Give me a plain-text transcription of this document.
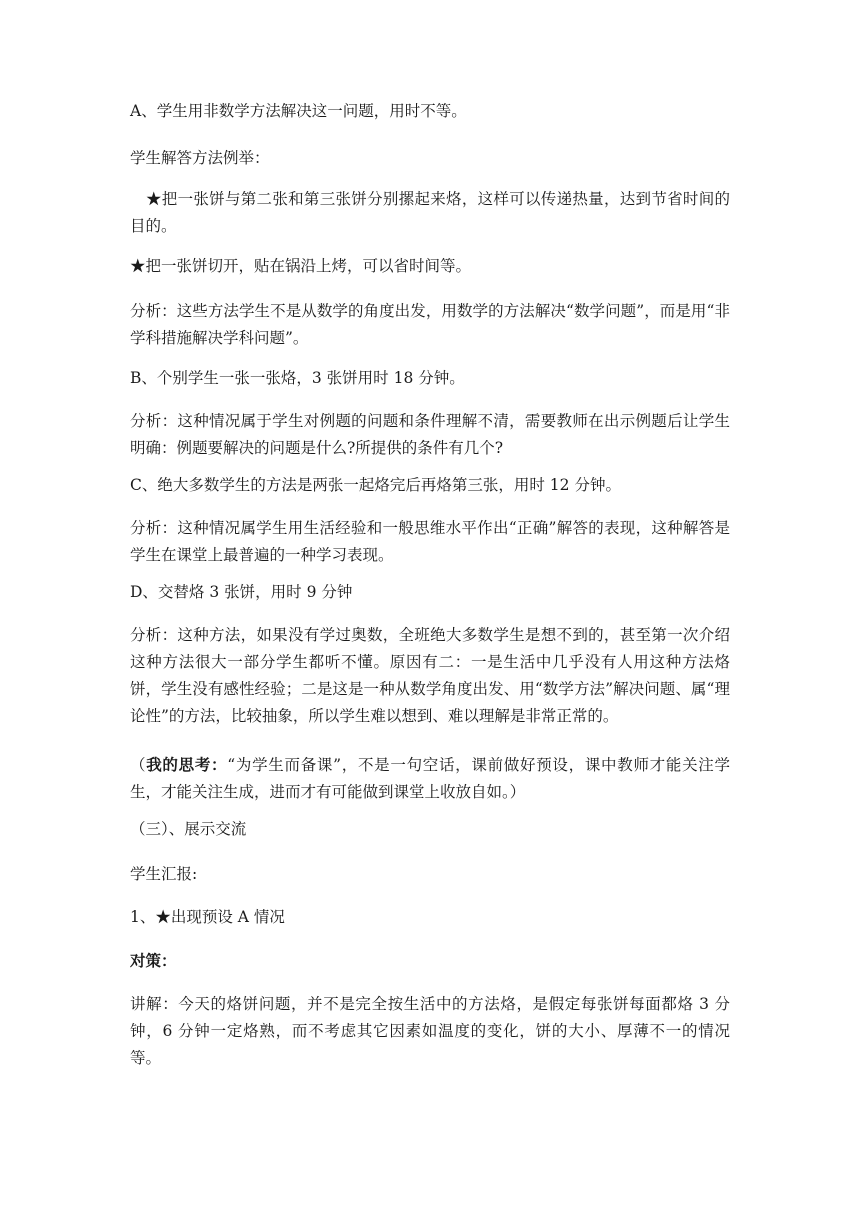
A、学生用非数学方法解决这一问题，用时不等。

学生解答方法例举：

★把一张饼与第二张和第三张饼分别摞起来烙，这样可以传递热量，达到节省时间的目的。

★把一张饼切开，贴在锅沿上烤，可以省时间等。

分析：这些方法学生不是从数学的角度出发，用数学的方法解决“数学问题”，而是用“非学科措施解决学科问题”。

B、个别学生一张一张烙，3 张饼用时 18 分钟。

分析：这种情况属于学生对例题的问题和条件理解不清，需要教师在出示例题后让学生明确：例题要解决的问题是什么?所提供的条件有几个?

C、绝大多数学生的方法是两张一起烙完后再烙第三张，用时 12 分钟。

分析：这种情况属学生用生活经验和一般思维水平作出“正确”解答的表现，这种解答是学生在课堂上最普遍的一种学习表现。

D、交替烙 3 张饼，用时 9 分钟

分析：这种方法，如果没有学过奥数，全班绝大多数学生是想不到的，甚至第一次介绍这种方法很大一部分学生都听不懂。原因有二：一是生活中几乎没有人用这种方法烙饼，学生没有感性经验；二是这是一种从数学角度出发、用“数学方法”解决问题、属“理论性”的方法，比较抽象，所以学生难以想到、难以理解是非常正常的。

（我的思考：“为学生而备课”，不是一句空话，课前做好预设，课中教师才能关注学生，才能关注生成，进而才有可能做到课堂上收放自如。）

（三）、展示交流

学生汇报:

1、★出现预设 A 情况

对策：

讲解：今天的烙饼问题，并不是完全按生活中的方法烙，是假定每张饼每面都烙 3 分钟，6 分钟一定烙熟，而不考虑其它因素如温度的变化，饼的大小、厚薄不一的情况等。
